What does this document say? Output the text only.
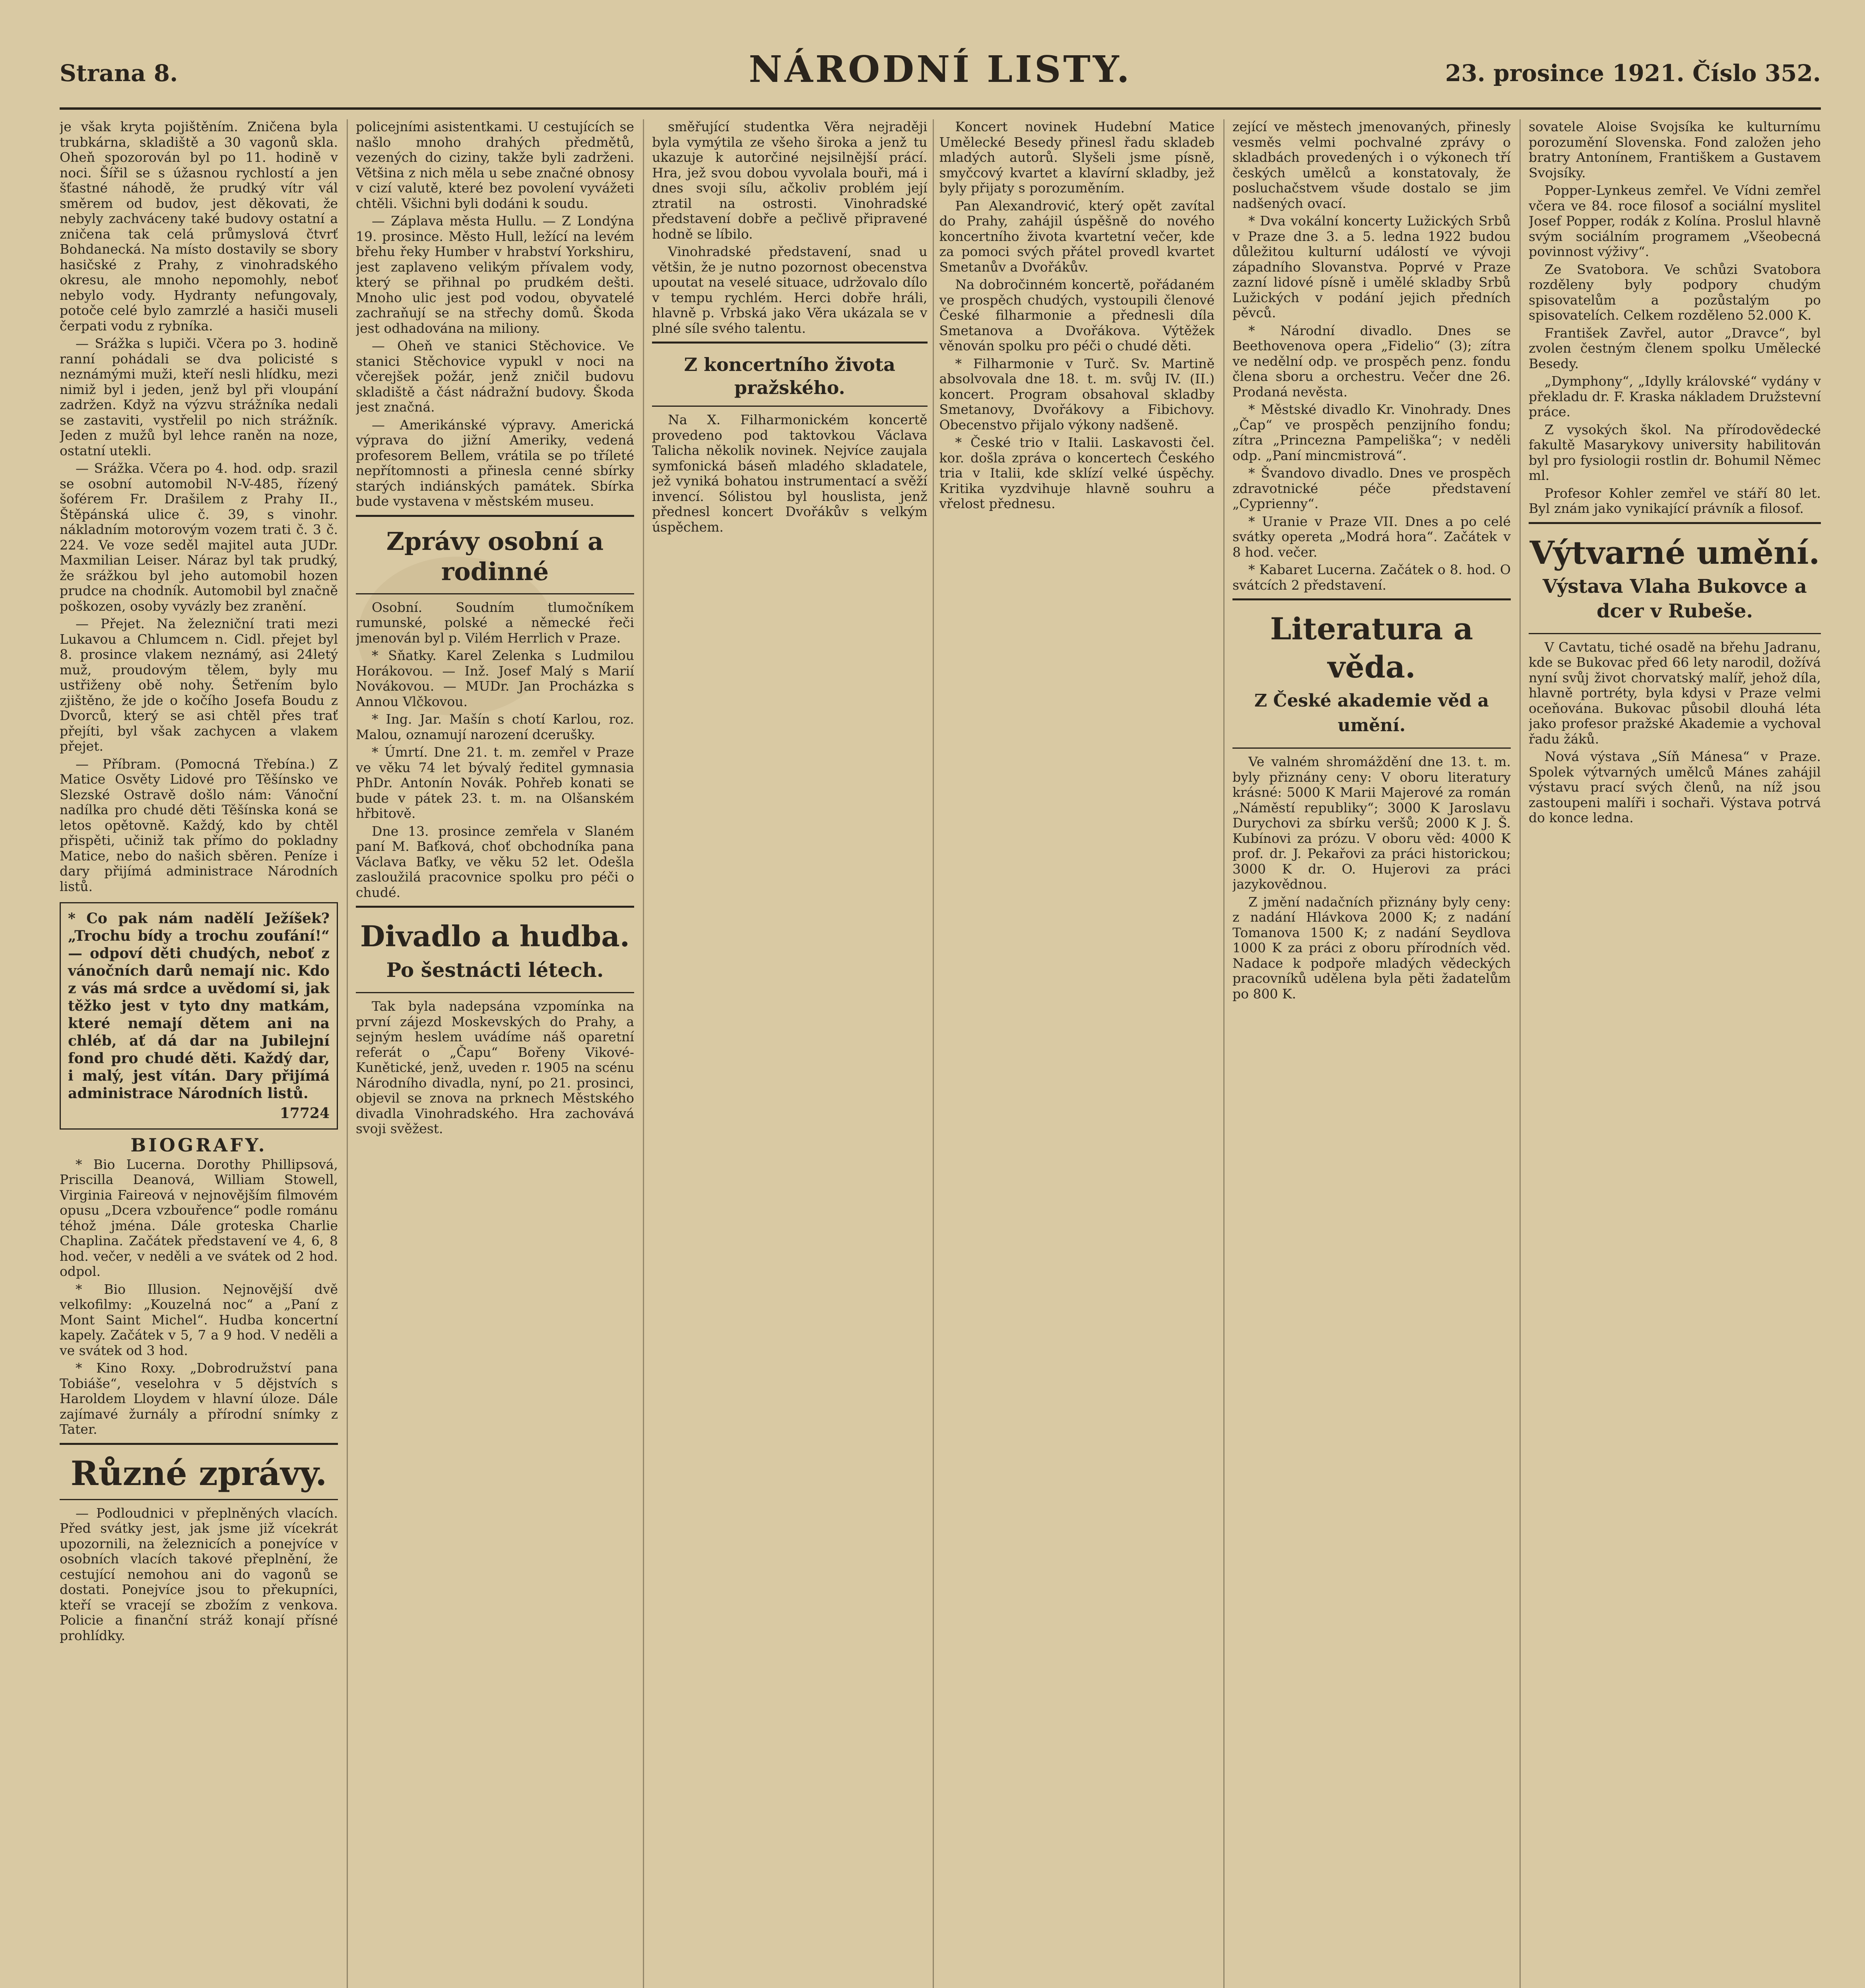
Strana 8.	NÁRODNÍ LISTY.	23. prosince 1921. Číslo 352.

je však kryta pojištěním. Zničena byla trubkárna, skladiště a 30 vagonů skla. Oheň spozorován byl po 11. hodině v noci. Šířil se s úžasnou rychlostí a jen šťastné náhodě, že prudký vítr vál směrem od budov, jest děkovati, že nebyly zachváceny také budovy ostatní a zničena tak celá průmyslová čtvrť Bohdanecká. Na místo dostavily se sbory hasičské z Prahy, z vinohradského okresu, ale mnoho nepomohly, neboť nebylo vody. Hydranty nefungovaly, potoče celé bylo zamrzlé a hasiči museli čerpati vodu z rybníka.

— Srážka s lupiči. Včera po 3. hodině ranní pohádali se dva policisté s neznámými muži, kteří nesli hlídku, mezi nimiž byl i jeden, jenž byl při vloupání zadržen. Když na výzvu strážníka nedali se zastaviti, vystřelil po nich strážník. Jeden z mužů byl lehce raněn na noze, ostatní utekli.

— Srážka. Včera po 4. hod. odp. srazil se osobní automobil N-V-485, řízený šoférem Fr. Drašilem z Prahy II., Štěpánská ulice č. 39, s vinohr. nákladním motorovým vozem trati č. 3 č. 224. Ve voze seděl majitel auta JUDr. Maxmilian Leiser. Náraz byl tak prudký, že srážkou byl jeho automobil hozen prudce na chodník. Automobil byl značně poškozen, osoby vyvázly bez zranění.

— Přejet. Na železniční trati mezi Lukavou a Chlumcem n. Cidl. přejet byl 8. prosince vlakem neznámý, asi 24letý muž, proudovým tělem, byly mu ustřiženy obě nohy. Šetřením bylo zjištěno, že jde o kočího Josefa Boudu z Dvorců, který se asi chtěl přes trať přejíti, byl však zachycen a vlakem přejet.

— Příbram. (Pomocná Třebína.) Z Matice Osvěty Lidové pro Těšínsko ve Slezské Ostravě došlo nám: Vánoční nadílka pro chudé děti Těšínska koná se letos opětovně. Každý, kdo by chtěl přispěti, učiniž tak přímo do pokladny Matice, nebo do našich sběren. Peníze i dary přijímá administrace Národních listů.

* Co pak nám nadělí Ježíšek? „Trochu bídy a trochu zoufání!“ — odpoví děti chudých, neboť z vánočních darů nemají nic. Kdo z vás má srdce a uvědomí si, jak těžko jest v tyto dny matkám, které nemají dětem ani na chléb, ať dá dar na Jubilejní fond pro chudé děti. Každý dar, i malý, jest vítán. Dary přijímá administrace Národních listů.
17724
BIOGRAFY.

* Bio Lucerna. Dorothy Phillipsová, Priscilla Deanová, William Stowell, Virginia Faireová v nejnovějším filmovém opusu „Dcera vzbouřence“ podle románu téhož jména. Dále groteska Charlie Chaplina. Začátek představení ve 4, 6, 8 hod. večer, v neděli a ve svátek od 2 hod. odpol.

* Bio Illusion. Nejnovější dvě velkofilmy: „Kouzelná noc“ a „Paní z Mont Saint Michel“. Hudba koncertní kapely. Začátek v 5, 7 a 9 hod. V neděli a ve svátek od 3 hod.

* Kino Roxy. „Dobrodružství pana Tobiáše“, veselohra v 5 dějstvích s Haroldem Lloydem v hlavní úloze. Dále zajímavé žurnály a přírodní snímky z Tater.

Různé zprávy.

— Podloudnici v přeplněných vlacích. Před svátky jest, jak jsme již vícekrát upozornili, na železnicích a ponejvíce v osobních vlacích takové přeplnění, že cestující nemohou ani do vagonů se dostati. Ponejvíce jsou to překupníci, kteří se vracejí se zbožím z venkova. Policie a finanční stráž konají přísné prohlídky.

policejními asistentkami. U cestujících se našlo mnoho drahých předmětů, vezených do ciziny, takže byli zadrženi. Většina z nich měla u sebe značné obnosy v cizí valutě, které bez povolení vyvážeti chtěli. Všichni byli dodáni k soudu.

— Záplava města Hullu. — Z Londýna 19. prosince. Město Hull, ležící na levém břehu řeky Humber v hrabství Yorkshiru, jest zaplaveno velikým přívalem vody, který se přihnal po prudkém dešti. Mnoho ulic jest pod vodou, obyvatelé zachraňují se na střechy domů. Škoda jest odhadována na miliony.

— Oheň ve stanici Stěchovice. Ve stanici Stěchovice vypukl v noci na včerejšek požár, jenž zničil budovu skladiště a část nádražní budovy. Škoda jest značná.

— Amerikánské výpravy. Americká výprava do jižní Ameriky, vedená profesorem Bellem, vrátila se po tříleté nepřítomnosti a přinesla cenné sbírky starých indiánských památek. Sbírka bude vystavena v městském museu.

Zprávy osobní a rodinné

Osobní. Soudním tlumočníkem rumunské, polské a německé řeči jmenován byl p. Vilém Herrlich v Praze.

* Sňatky. Karel Zelenka s Ludmilou Horákovou. — Inž. Josef Malý s Marií Novákovou. — MUDr. Jan Procházka s Annou Vlčkovou.

* Ing. Jar. Mašín s chotí Karlou, roz. Malou, oznamují narození dcerušky.

* Úmrtí. Dne 21. t. m. zemřel v Praze ve věku 74 let bývalý ředitel gymnasia PhDr. Antonín Novák. Pohřeb konati se bude v pátek 23. t. m. na Olšanském hřbitově.

Dne 13. prosince zemřela v Slaném paní M. Baťková, choť obchodníka pana Václava Baťky, ve věku 52 let. Odešla zasloužilá pracovnice spolku pro péči o chudé.

Divadlo a hudba.
Po šestnácti létech.

Tak byla nadepsána vzpomínka na první zájezd Moskevských do Prahy, a sejným heslem uvádíme náš oparetní referát o „Čapu“ Bořeny Vikové-Kunětické, jenž, uveden r. 1905 na scénu Národního divadla, nyní, po 21. prosinci, objevil se znova na prknech Městského divadla Vinohradského. Hra zachovává svoji svěžest.

směřující studentka Věra nejraději byla vymýtila ze všeho široka a jenž tu ukazuje k autorčiné nejsilnější prácí. Hra, jež svou dobou vyvolala bouři, má i dnes svoji sílu, ačkoliv problém její ztratil na ostrosti. Vinohradské představení dobře a pečlivě připravené hodně se líbilo.

Vinohradské představení, snad u většin, že je nutno pozornost obecenstva upoutat na veselé situace, udržovalo dílo v tempu rychlém. Herci dobře hráli, hlavně p. Vrbská jako Věra ukázala se v plné síle svého talentu.

Z koncertního života pražského.

Na X. Filharmonickém koncertě provedeno pod taktovkou Václava Talicha několik novinek. Nejvíce zaujala symfonická báseň mladého skladatele, jež vyniká bohatou instrumentací a svěží invencí. Sólistou byl houslista, jenž přednesl koncert Dvořákův s velkým úspěchem.

Koncert novinek Hudební Matice Umělecké Besedy přinesl řadu skladeb mladých autorů. Slyšeli jsme písně, smyčcový kvartet a klavírní skladby, jež byly přijaty s porozuměním.

Pan Alexandrović, který opět zavítal do Prahy, zahájil úspěšně do nového koncertního života kvartetní večer, kde za pomoci svých přátel provedl kvartet Smetanův a Dvořákův.

Na dobročinném koncertě, pořádaném ve prospěch chudých, vystoupili členové České filharmonie a přednesli díla Smetanova a Dvořákova. Výtěžek věnován spolku pro péči o chudé děti.

* Filharmonie v Turč. Sv. Martině absolvovala dne 18. t. m. svůj IV. (II.) koncert. Program obsahoval skladby Smetanovy, Dvořákovy a Fibichovy. Obecenstvo přijalo výkony nadšeně.

* České trio v Italii. Laskavosti čel. kor. došla zpráva o koncertech Českého tria v Italii, kde sklízí velké úspěchy. Kritika vyzdvihuje hlavně souhru a vřelost přednesu.

zející ve městech jmenovaných, přinesly vesměs velmi pochvalné zprávy o skladbách provedených i o výkonech tří českých umělců a konstatovaly, že posluchačstvem všude dostalo se jim nadšených ovací.

* Dva vokální koncerty Lužických Srbů v Praze dne 3. a 5. ledna 1922 budou důležitou kulturní událostí ve vývoji západního Slovanstva. Poprvé v Praze zazní lidové písně i umělé skladby Srbů Lužických v podání jejich předních pěvců.

* Národní divadlo. Dnes se Beethovenova opera „Fidelio“ (3); zítra ve nedělní odp. ve prospěch penz. fondu člena sboru a orchestru. Večer dne 26. Prodaná nevěsta.

* Městské divadlo Kr. Vinohrady. Dnes „Čap“ ve prospěch penzijního fondu; zítra „Princezna Pampeliška“; v neděli odp. „Paní mincmistrová“.

* Švandovo divadlo. Dnes ve prospěch zdravotnické péče představení „Cyprienny“.

* Uranie v Praze VII. Dnes a po celé svátky opereta „Modrá hora“. Začátek v 8 hod. večer.

* Kabaret Lucerna. Začátek o 8. hod. O svátcích 2 představení.

Literatura a věda.
Z České akademie věd a umění.

Ve valném shromáždění dne 13. t. m. byly přiznány ceny: V oboru literatury krásné: 5000 K Marii Majerové za román „Náměstí republiky“; 3000 K Jaroslavu Durychovi za sbírku veršů; 2000 K J. Š. Kubínovi za prózu. V oboru věd: 4000 K prof. dr. J. Pekařovi za práci historickou; 3000 K dr. O. Hujerovi za práci jazykovědnou.

Z jmění nadačních přiznány byly ceny: z nadání Hlávkova 2000 K; z nadání Tomanova 1500 K; z nadání Seydlova 1000 K za práci z oboru přírodních věd. Nadace k podpoře mladých vědeckých pracovníků udělena byla pěti žadatelům po 800 K.

sovatele Aloise Svojsíka ke kulturnímu porozumění Slovenska. Fond založen jeho bratry Antonínem, Františkem a Gustavem Svojsíky.

Popper-Lynkeus zemřel. Ve Vídni zemřel včera ve 84. roce filosof a sociální myslitel Josef Popper, rodák z Kolína. Proslul hlavně svým sociálním programem „Všeobecná povinnost výživy“.

Ze Svatobora. Ve schůzi Svatobora rozděleny byly podpory chudým spisovatelům a pozůstalým po spisovatelích. Celkem rozděleno 52.000 K.

František Zavřel, autor „Dravce“, byl zvolen čestným členem spolku Umělecké Besedy.

„Dymphony“, „Idylly královské“ vydány v překladu dr. F. Kraska nákladem Družstevní práce.

Z vysokých škol. Na přírodovědecké fakultě Masarykovy university habilitován byl pro fysiologii rostlin dr. Bohumil Němec ml.

Profesor Kohler zemřel ve stáří 80 let. Byl znám jako vynikající právník a filosof.

Výtvarné umění.
Výstava Vlaha Bukovce a dcer v Rubeše.

V Cavtatu, tiché osadě na břehu Jadranu, kde se Bukovac před 66 lety narodil, dožívá nyní svůj život chorvatský malíř, jehož díla, hlavně portréty, byla kdysi v Praze velmi oceňována. Bukovac působil dlouhá léta jako profesor pražské Akademie a vychoval řadu žáků.

Nová výstava „Síň Mánesa“ v Praze. Spolek výtvarných umělců Mánes zahájil výstavu prací svých členů, na níž jsou zastoupeni malíři i sochaři. Výstava potrvá do konce ledna.
